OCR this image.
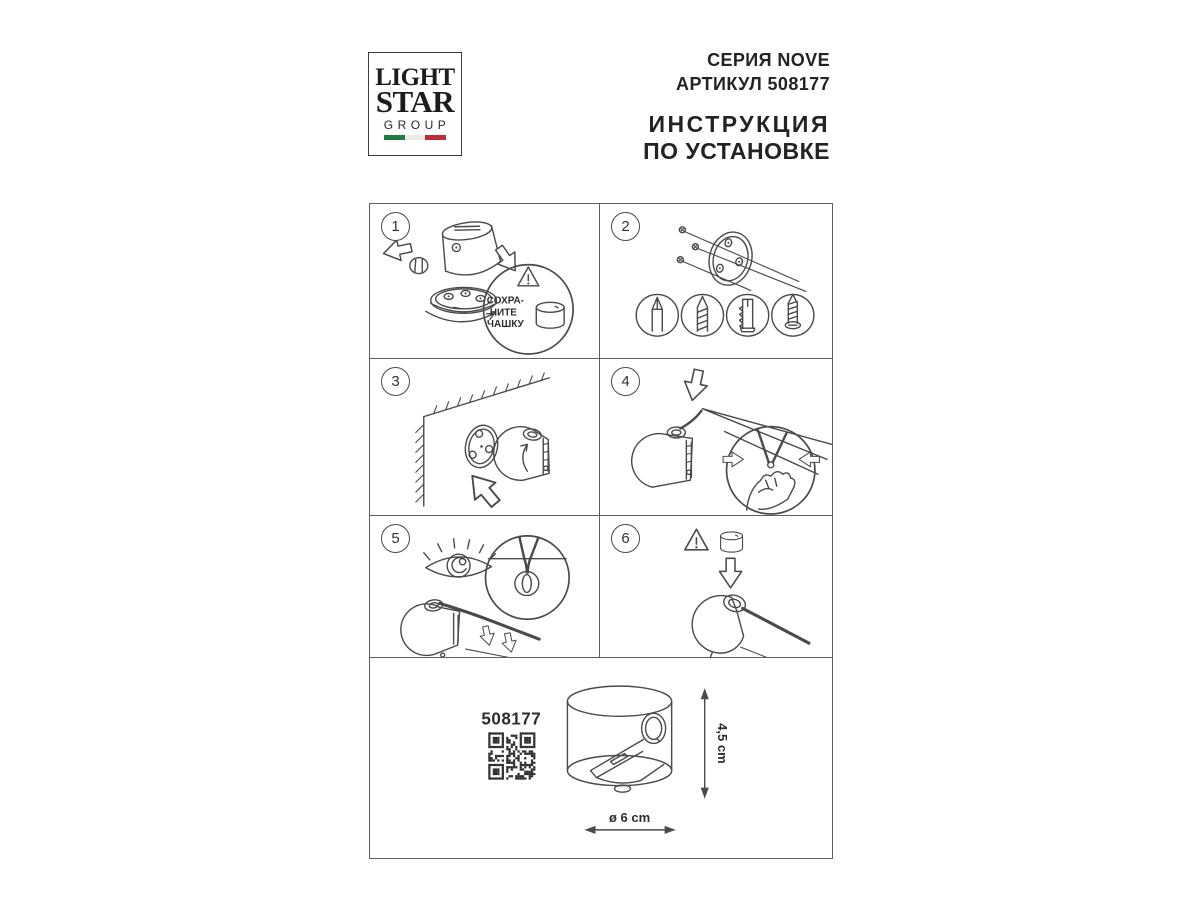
LIGHT
STAR
GROUP
СЕРИЯ NOVE
АРТИКУЛ 508177
ИНСТРУКЦИЯ
ПО УСТАНОВКЕ
1
СОХРА-
НИТЕ
ЧАШКУ
2
3	4
5	6
508177
4,5 cm
ø 6 cm
